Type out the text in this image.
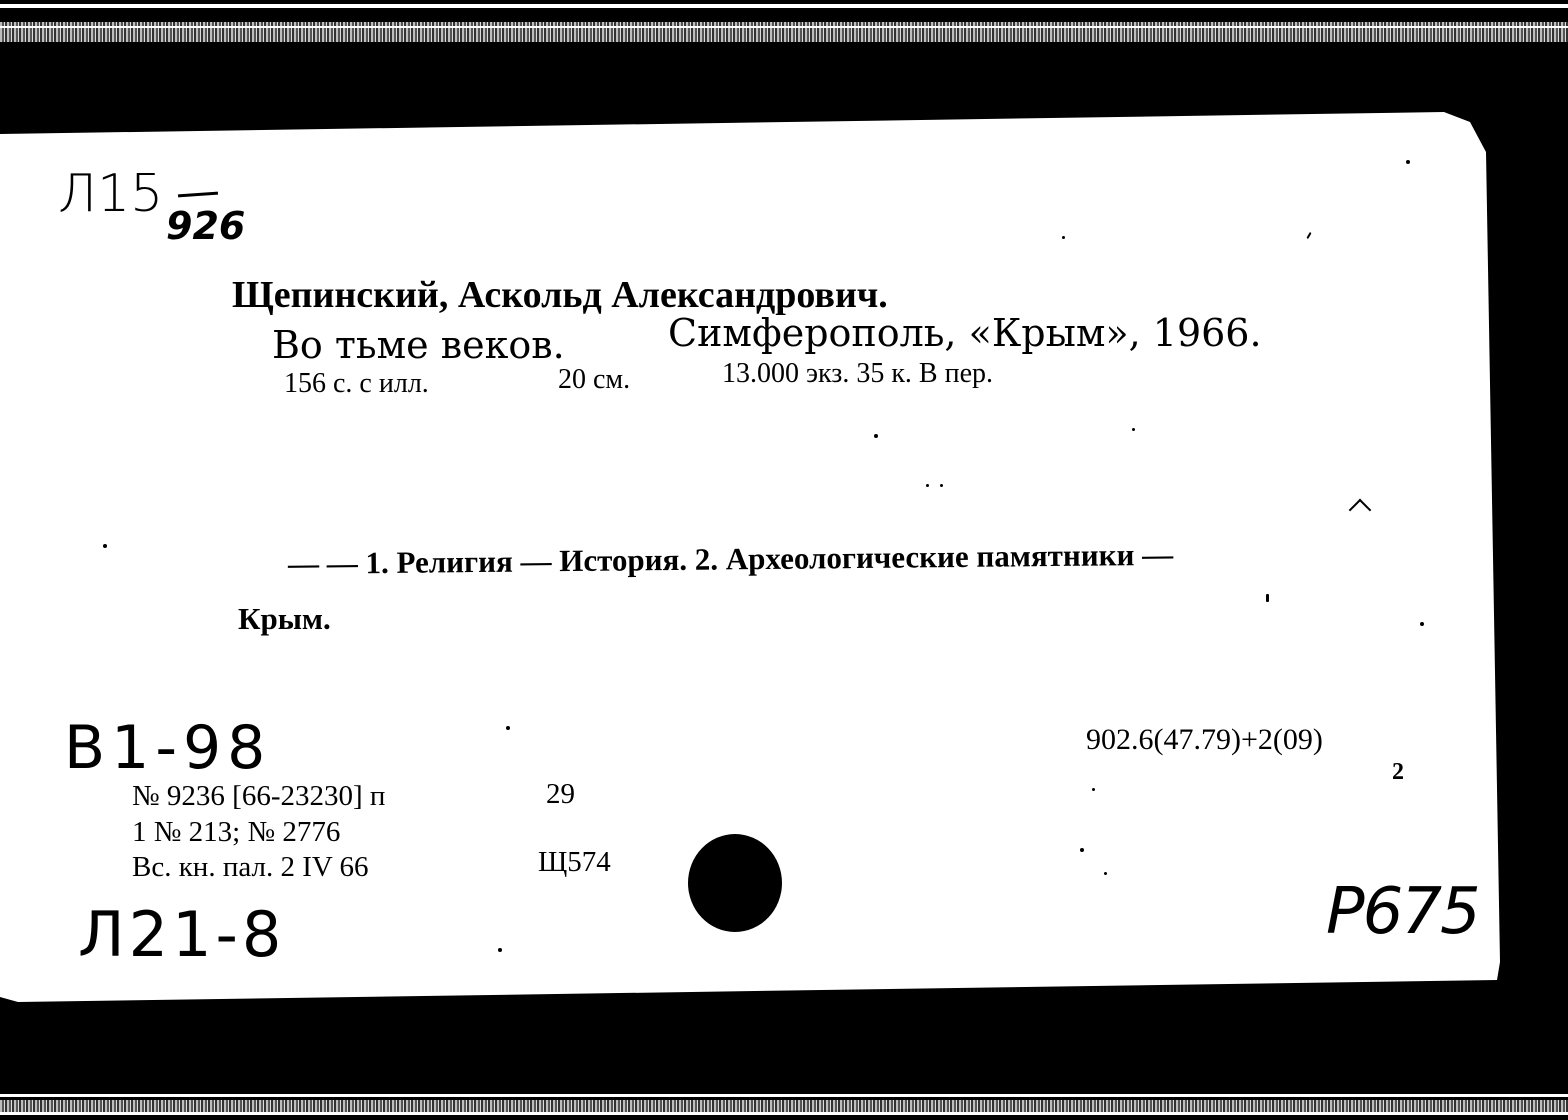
Л15
926
Щепинский, Аскольд Александрович.
Во тьме веков.	Симферополь, «Крым», 1966.
156 с. с илл.	20 см.	13.000 экз. 35 к. В пер.
— — 1. Религия — История. 2. Археологические памятники —
Крым.
902.6(47.79)+2(09)
2
B1-98
№ 9236 [66-23230] п	29
1 № 213; № 2776
Вс. кн. пал. 2 IV 66	Щ574
Л21-8	P675
